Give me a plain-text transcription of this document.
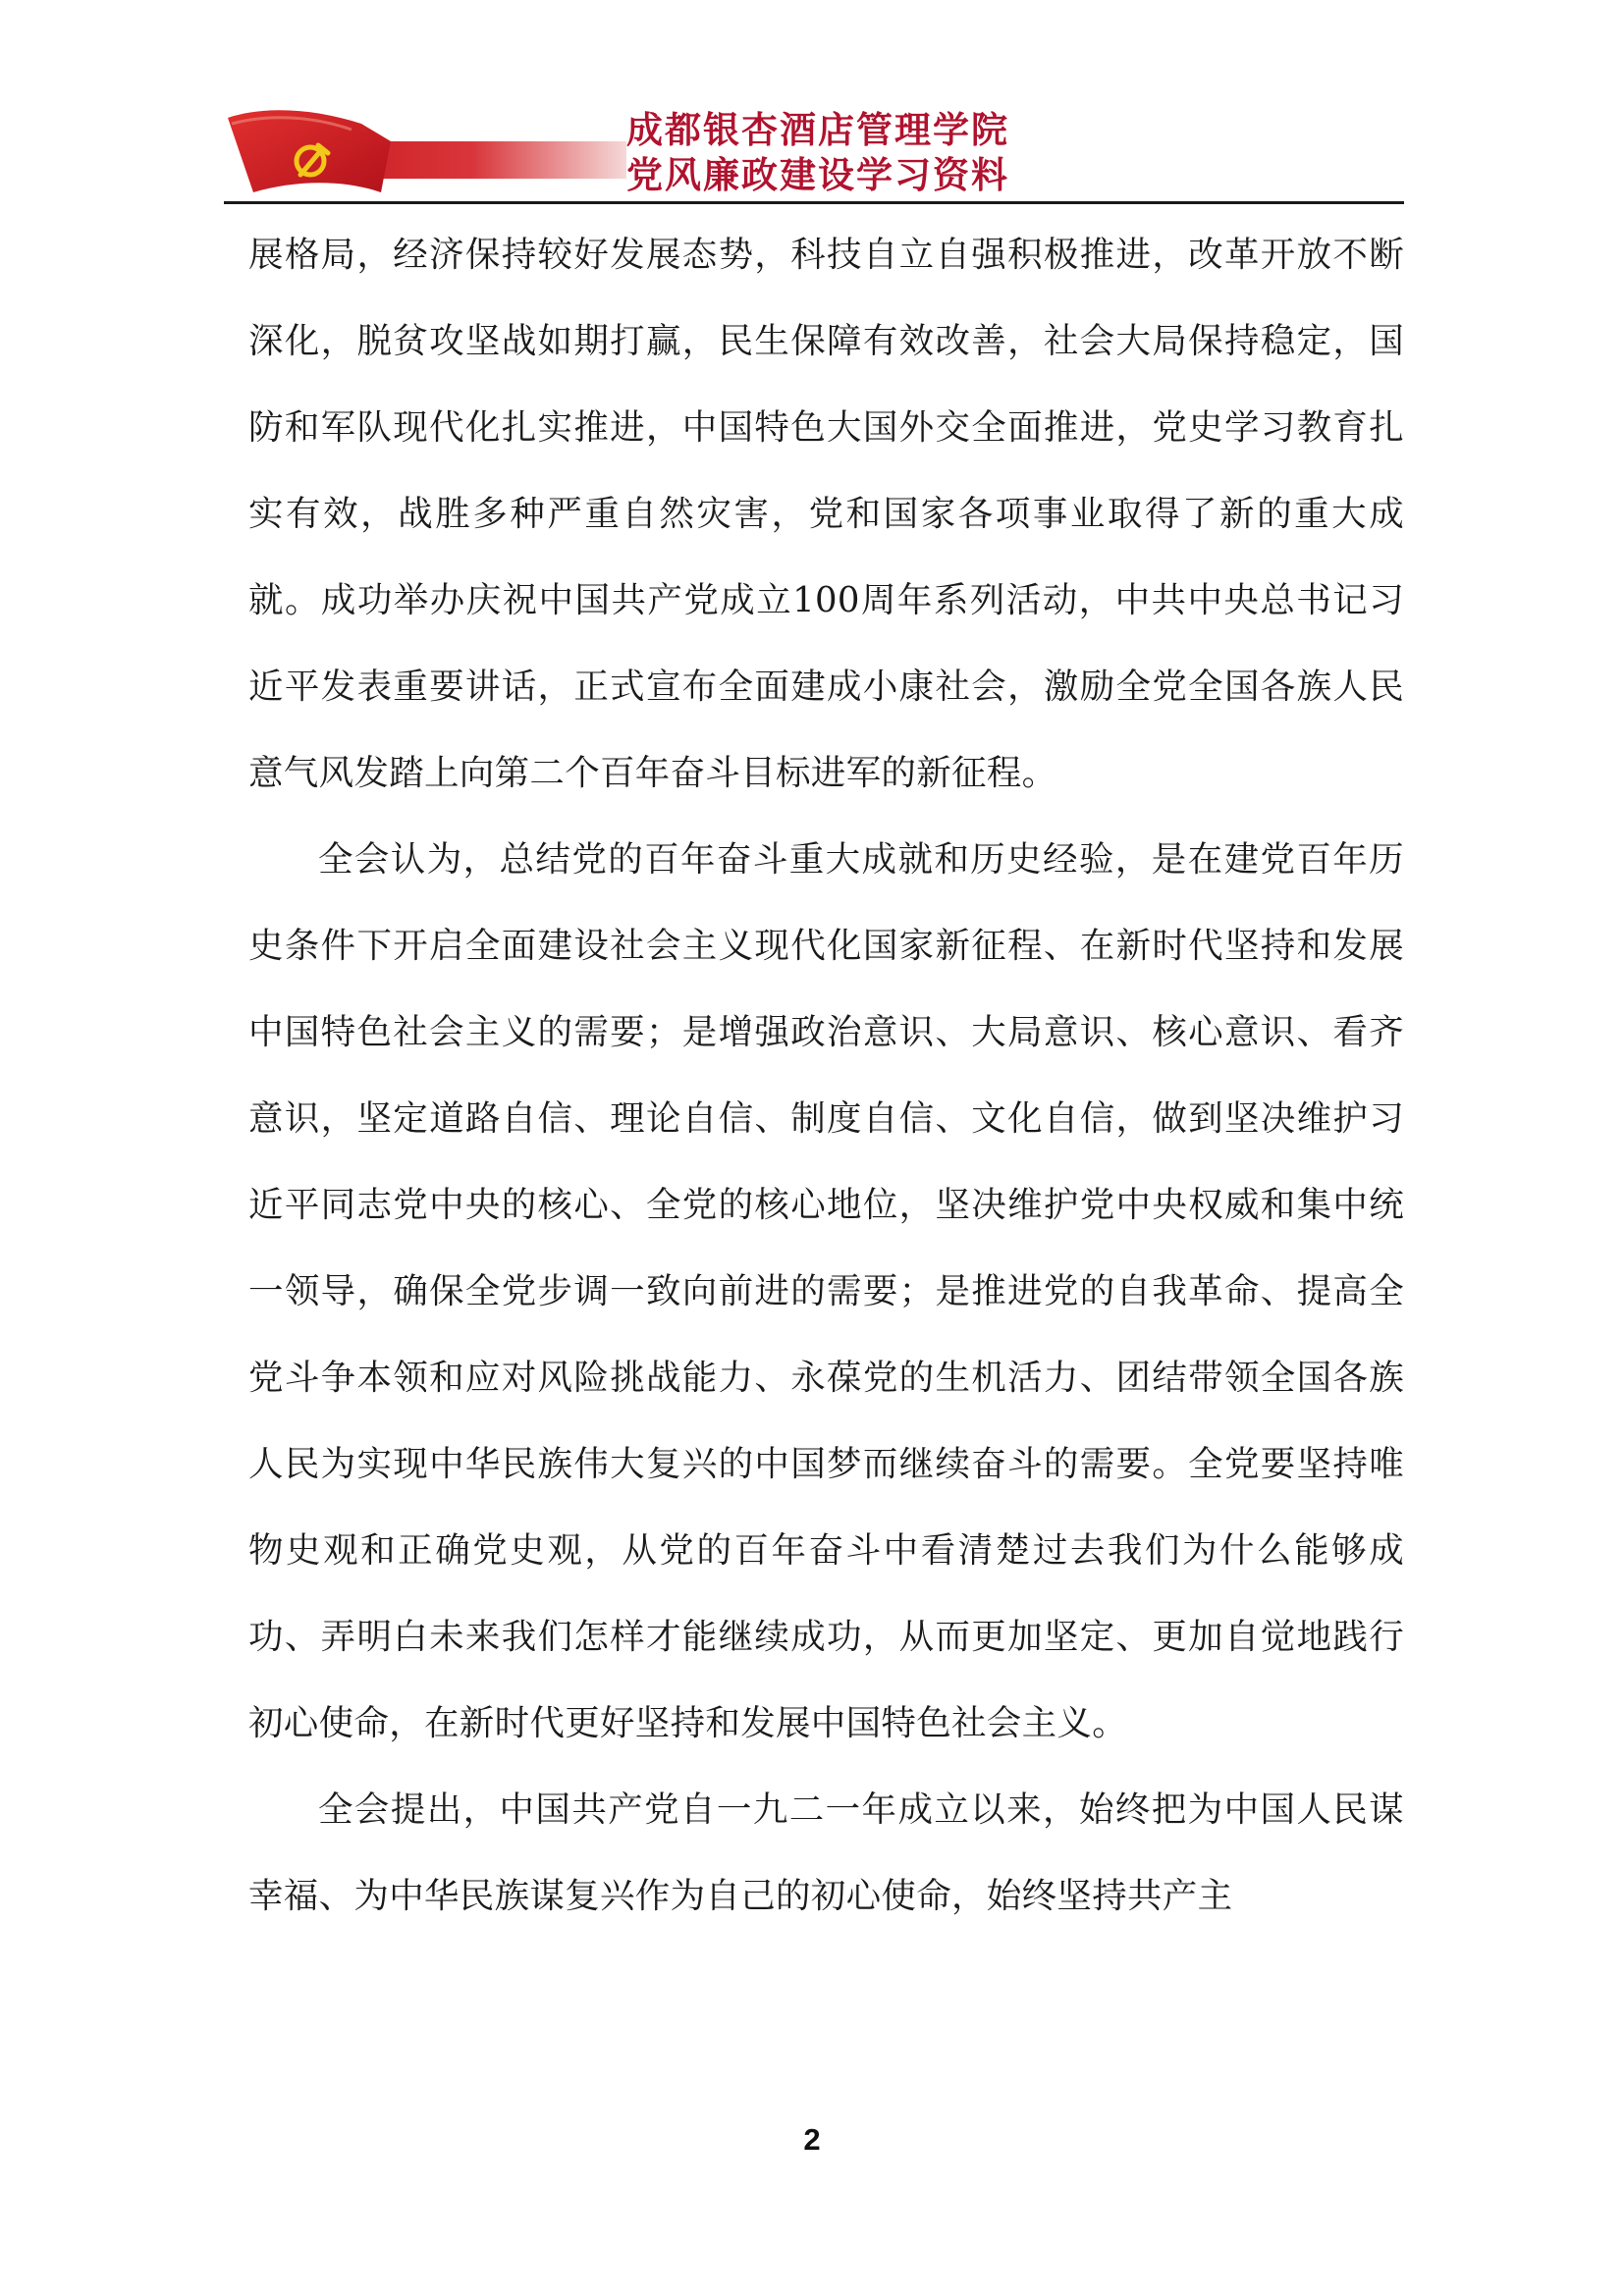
成都银杏酒店管理学院
党风廉政建设学习资料

展格局，经济保持较好发展态势，科技自立自强积极推进，改革开放不断深化，脱贫攻坚战如期打赢，民生保障有效改善，社会大局保持稳定，国防和军队现代化扎实推进，中国特色大国外交全面推进，党史学习教育扎实有效，战胜多种严重自然灾害，党和国家各项事业取得了新的重大成就。成功举办庆祝中国共产党成立100周年系列活动，中共中央总书记习近平发表重要讲话，正式宣布全面建成小康社会，激励全党全国各族人民意气风发踏上向第二个百年奋斗目标进军的新征程。

全会认为，总结党的百年奋斗重大成就和历史经验，是在建党百年历史条件下开启全面建设社会主义现代化国家新征程、在新时代坚持和发展中国特色社会主义的需要；是增强政治意识、大局意识、核心意识、看齐意识，坚定道路自信、理论自信、制度自信、文化自信，做到坚决维护习近平同志党中央的核心、全党的核心地位，坚决维护党中央权威和集中统一领导，确保全党步调一致向前进的需要；是推进党的自我革命、提高全党斗争本领和应对风险挑战能力、永葆党的生机活力、团结带领全国各族人民为实现中华民族伟大复兴的中国梦而继续奋斗的需要。全党要坚持唯物史观和正确党史观，从党的百年奋斗中看清楚过去我们为什么能够成功、弄明白未来我们怎样才能继续成功，从而更加坚定、更加自觉地践行初心使命，在新时代更好坚持和发展中国特色社会主义。

全会提出，中国共产党自一九二一年成立以来，始终把为中国人民谋幸福、为中华民族谋复兴作为自己的初心使命，始终坚持共产主

2
